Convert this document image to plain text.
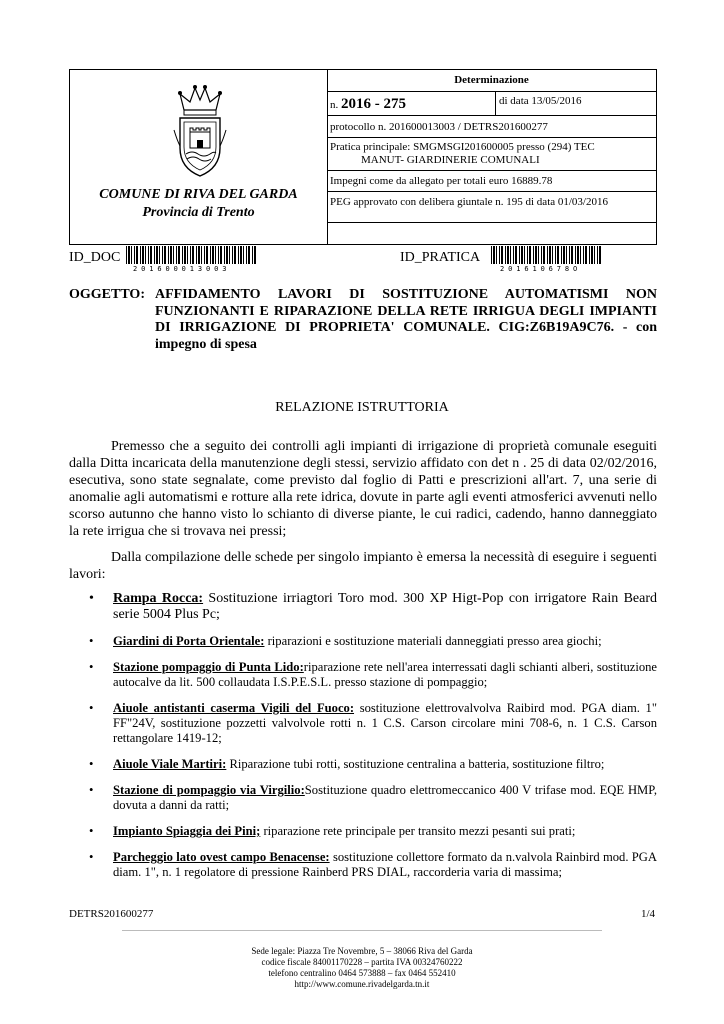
COMUNE DI RIVA DEL GARDA
Provincia di Trento
Determinazione
n. 2016 - 275	di data 13/05/2016
protocollo n. 201600013003 / DETRS201600277
Pratica principale: SMGMSGI201600005 presso (294) TEC
MANUT- GIARDINERIE COMUNALI
Impegni come da allegato per totali euro 16889.78
PEG approvato con delibera giuntale n. 195 di data 01/03/2016
ID_DOC
201600013003
ID_PRATICA
201610678O
OGGETTO: AFFIDAMENTO LAVORI DI SOSTITUZIONE AUTOMATISMI NON FUNZIONANTI E RIPARAZIONE DELLA RETE IRRIGUA DEGLI IMPIANTI DI IRRIGAZIONE DI PROPRIETA' COMUNALE. CIG:Z6B19A9C76. - con impegno di spesa
RELAZIONE ISTRUTTORIA
Premesso che a seguito dei controlli agli impianti di irrigazione di proprietà comunale eseguiti dalla Ditta incaricata della manutenzione degli stessi, servizio affidato con det n . 25 di data 02/02/2016, esecutiva, sono state segnalate, come previsto dal foglio di Patti e prescrizioni all'art. 7, una serie di anomalie agli automatismi e rotture alla rete idrica, dovute in parte agli eventi atmosferici avvenuti nello scorso autunno che hanno visto lo schianto di diverse piante, le cui radici, cadendo, hanno danneggiato la rete irrigua che si trovava nei pressi;
Dalla compilazione delle schede per singolo impianto è emersa la necessità di eseguire i seguenti lavori:
• Rampa Rocca: Sostituzione irriagtori Toro mod. 300 XP Higt-Pop con irrigatore Rain Beard serie 5004 Plus Pc;
• Giardini di Porta Orientale: riparazioni e sostituzione materiali danneggiati presso area giochi;
• Stazione pompaggio di Punta Lido:riparazione rete nell'area interressati dagli schianti alberi, sostituzione autocalve da lit. 500 collaudata I.S.P.E.S.L. presso stazione di pompaggio;
• Aiuole antistanti caserma Vigili del Fuoco: sostituzione elettrovalvolva Raibird mod. PGA diam. 1" FF"24V, sostituzione pozzetti valvolvole rotti n. 1 C.S. Carson circolare mini 708-6, n. 1 C.S. Carson rettangolare 1419-12;
• Aiuole Viale Martiri: Riparazione tubi rotti, sostituzione centralina a batteria, sostituzione filtro;
• Stazione di pompaggio via Virgilio:Sostituzione quadro elettromeccanico 400 V trifase mod. EQE HMP, dovuta a danni da ratti;
• Impianto Spiaggia dei Pini; riparazione rete principale per transito mezzi pesanti sui prati;
• Parcheggio lato ovest campo Benacense: sostituzione collettore formato da n.valvola Rainbird mod. PGA diam. 1", n. 1 regolatore di pressione Rainberd PRS DIAL, raccorderia varia di massima;
DETRS201600277	1/4
Sede legale: Piazza Tre Novembre, 5 – 38066 Riva del Garda
codice fiscale 84001170228 – partita IVA 00324760222
telefono centralino 0464 573888 – fax 0464 552410
http://www.comune.rivadelgarda.tn.it
